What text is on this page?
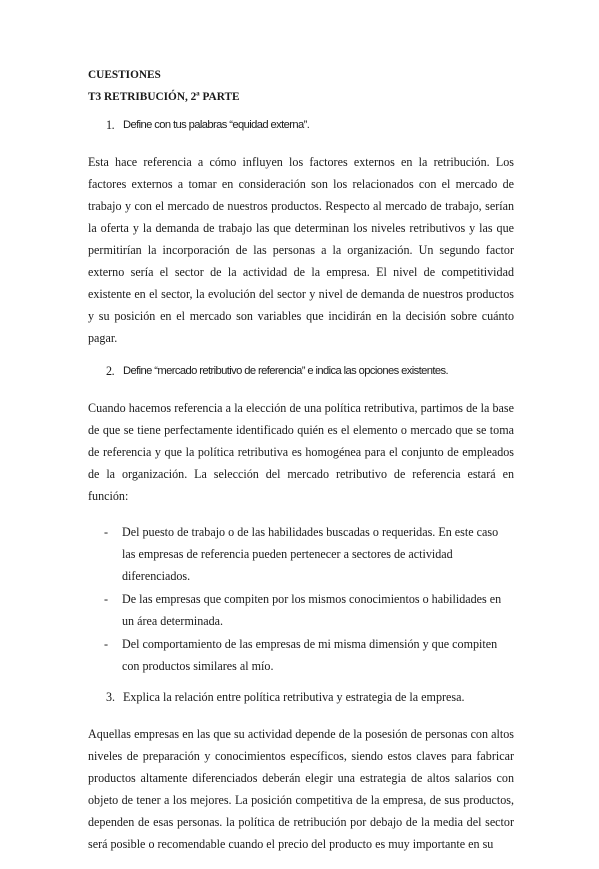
CUESTIONES

T3 RETRIBUCIÓN, 2ª PARTE

1. Define con tus palabras “equidad externa”.

Esta hace referencia a cómo influyen los factores externos en la retribución. Los factores externos a tomar en consideración son los relacionados con el mercado de trabajo y con el mercado de nuestros productos. Respecto al mercado de trabajo, serían la oferta y la demanda de trabajo las que determinan los niveles retributivos y las que permitirían la incorporación de las personas a la organización. Un segundo factor externo sería el sector de la actividad de la empresa. El nivel de competitividad existente en el sector, la evolución del sector y nivel de demanda de nuestros productos y su posición en el mercado son variables que incidirán en la decisión sobre cuánto pagar.

2. Define “mercado retributivo de referencia” e indica las opciones existentes.

Cuando hacemos referencia a la elección de una política retributiva, partimos de la base de que se tiene perfectamente identificado quién es el elemento o mercado que se toma de referencia y que la política retributiva es homogénea para el conjunto de empleados de la organización. La selección del mercado retributivo de referencia estará en función:

-	Del puesto de trabajo o de las habilidades buscadas o requeridas. En este caso las empresas de referencia pueden pertenecer a sectores de actividad diferenciados.
-	De las empresas que compiten por los mismos conocimientos o habilidades en un área determinada.
-	Del comportamiento de las empresas de mi misma dimensión y que compiten con productos similares al mío.
3. Explica la relación entre política retributiva y estrategia de la empresa.

Aquellas empresas en las que su actividad depende de la posesión de personas con altos niveles de preparación y conocimientos específicos, siendo estos claves para fabricar productos altamente diferenciados deberán elegir una estrategia de altos salarios con objeto de tener a los mejores. La posición competitiva de la empresa, de sus productos, dependen de esas personas. la política de retribución por debajo de la media del sector será posible o recomendable cuando el precio del producto es muy importante en su
